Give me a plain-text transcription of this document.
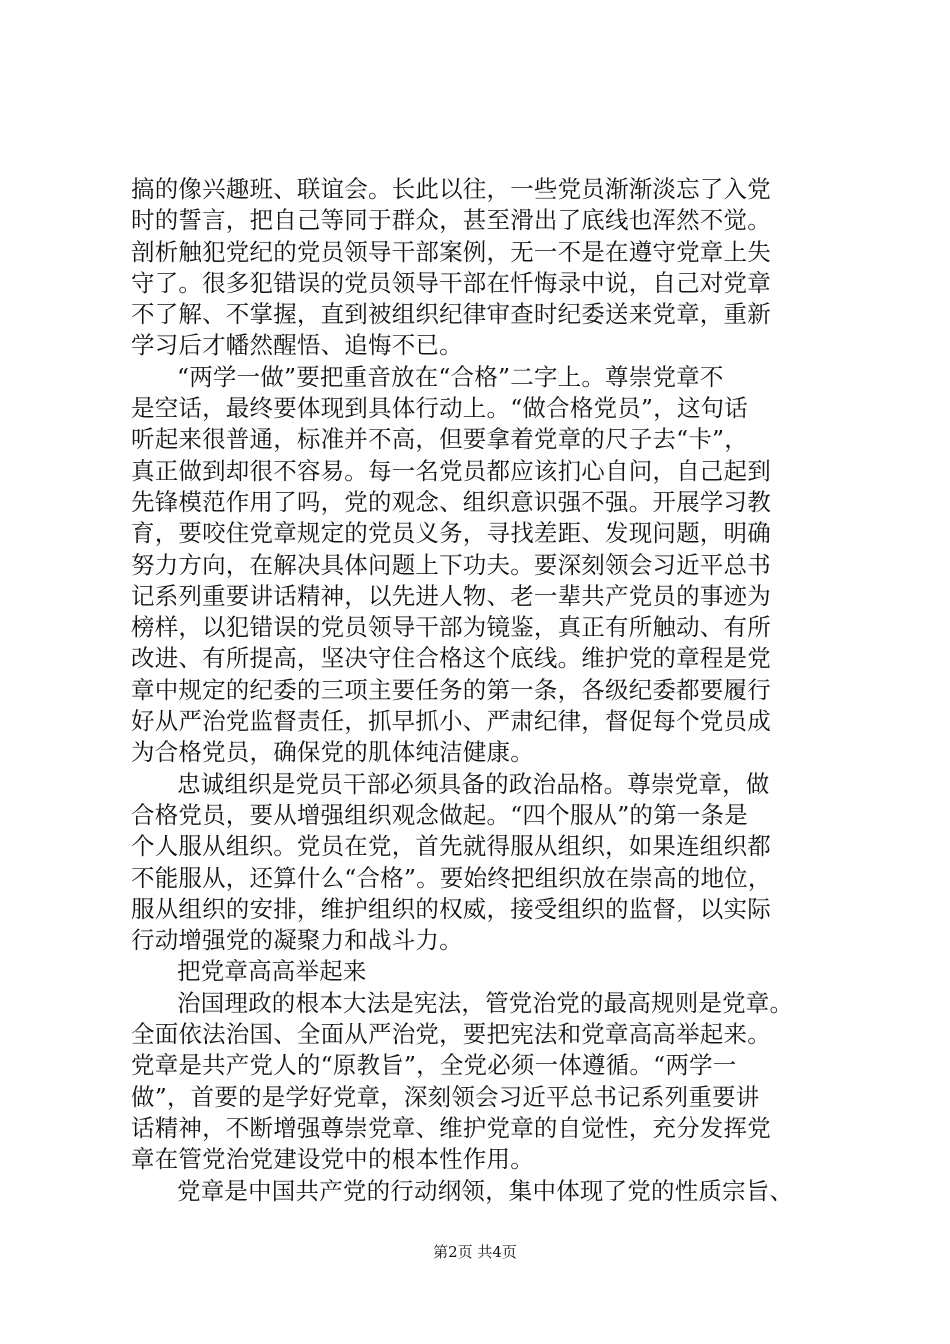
搞的像兴趣班、联谊会。长此以往，一些党员渐渐淡忘了入党
时的誓言，把自己等同于群众，甚至滑出了底线也浑然不觉。
剖析触犯党纪的党员领导干部案例，无一不是在遵守党章上失
守了。很多犯错误的党员领导干部在忏悔录中说，自己对党章
不了解、不掌握，直到被组织纪律审查时纪委送来党章，重新
学习后才幡然醒悟、追悔不已。
“两学一做”要把重音放在“合格”二字上。尊崇党章不
是空话，最终要体现到具体行动上。“做合格党员”，这句话
听起来很普通，标准并不高，但要拿着党章的尺子去“卡”，
真正做到却很不容易。每一名党员都应该扪心自问，自己起到
先锋模范作用了吗，党的观念、组织意识强不强。开展学习教
育，要咬住党章规定的党员义务，寻找差距、发现问题，明确
努力方向，在解决具体问题上下功夫。要深刻领会习近平总书
记系列重要讲话精神，以先进人物、老一辈共产党员的事迹为
榜样，以犯错误的党员领导干部为镜鉴，真正有所触动、有所
改进、有所提高，坚决守住合格这个底线。维护党的章程是党
章中规定的纪委的三项主要任务的第一条，各级纪委都要履行
好从严治党监督责任，抓早抓小、严肃纪律，督促每个党员成
为合格党员，确保党的肌体纯洁健康。
忠诚组织是党员干部必须具备的政治品格。尊崇党章，做
合格党员，要从增强组织观念做起。“四个服从”的第一条是
个人服从组织。党员在党，首先就得服从组织，如果连组织都
不能服从，还算什么“合格”。要始终把组织放在崇高的地位，
服从组织的安排，维护组织的权威，接受组织的监督，以实际
行动增强党的凝聚力和战斗力。
把党章高高举起来
治国理政的根本大法是宪法，管党治党的最高规则是党章。
全面依法治国、全面从严治党，要把宪法和党章高高举起来。
党章是共产党人的“原教旨”，全党必须一体遵循。“两学一
做”，首要的是学好党章，深刻领会习近平总书记系列重要讲
话精神，不断增强尊崇党章、维护党章的自觉性，充分发挥党
章在管党治党建设党中的根本性作用。
党章是中国共产党的行动纲领，集中体现了党的性质宗旨、
第2页 共4页
